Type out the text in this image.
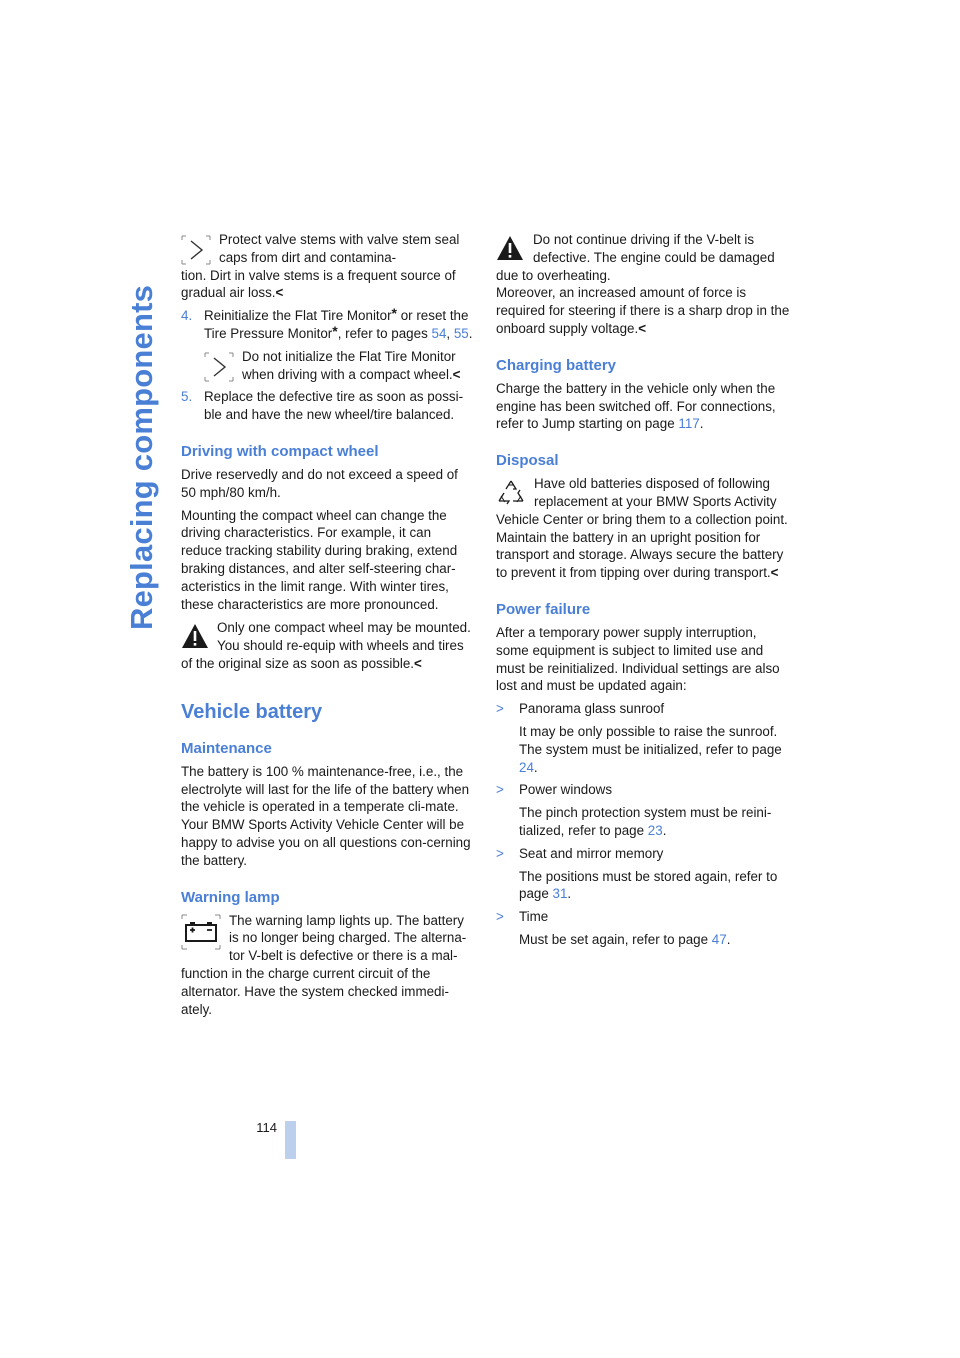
Replacing components
114

Protect valve stems with valve stem seal caps from dirt and contamina-

tion. Dirt in valve stems is a frequent source of gradual air loss.<

4. Reinitialize the Flat Tire Monitor* or reset the Tire Pressure Monitor*, refer to pages 54, 55.

Do not initialize the Flat Tire Monitor when driving with a compact wheel.<

5. Replace the defective tire as soon as possi-ble and have the new wheel/tire balanced.
Driving with compact wheel

Drive reservedly and do not exceed a speed of 50 mph/80 km/h.

Mounting the compact wheel can change the driving characteristics. For example, it can reduce tracking stability during braking, extend braking distances, and alter self-steering char-acteristics in the limit range. With winter tires, these characteristics are more pronounced.

Only one compact wheel may be mounted. You should re-equip with wheels and tires of the original size as soon as possible.<

Vehicle battery
Maintenance

The battery is 100 % maintenance-free, i.e., the electrolyte will last for the life of the battery when the vehicle is operated in a temperate cli-mate. Your BMW Sports Activity Vehicle Center will be happy to advise you on all questions con-cerning the battery.

Warning lamp

The warning lamp lights up. The battery is no longer being charged. The alterna-tor V-belt is defective or there is a mal-function in the charge current circuit of the alternator. Have the system checked immedi-ately.

Do not continue driving if the V-belt is defective. The engine could be damaged due to overheating.

Moreover, an increased amount of force is required for steering if there is a sharp drop in the onboard supply voltage.<

Charging battery

Charge the battery in the vehicle only when the engine has been switched off. For connections, refer to Jump starting on page 117.

Disposal

Have old batteries disposed of following replacement at your BMW Sports Activity Vehicle Center or bring them to a collection point. Maintain the battery in an upright position for transport and storage. Always secure the battery to prevent it from tipping over during transport.<

Power failure

After a temporary power supply interruption, some equipment is subject to limited use and must be reinitialized. Individual settings are also lost and must be updated again:

> Panorama glass sunroof
It may be only possible to raise the sunroof. The system must be initialized, refer to page 24.
> Power windows
The pinch protection system must be reini-tialized, refer to page 23.
> Seat and mirror memory
The positions must be stored again, refer to page 31.
> Time
Must be set again, refer to page 47.
